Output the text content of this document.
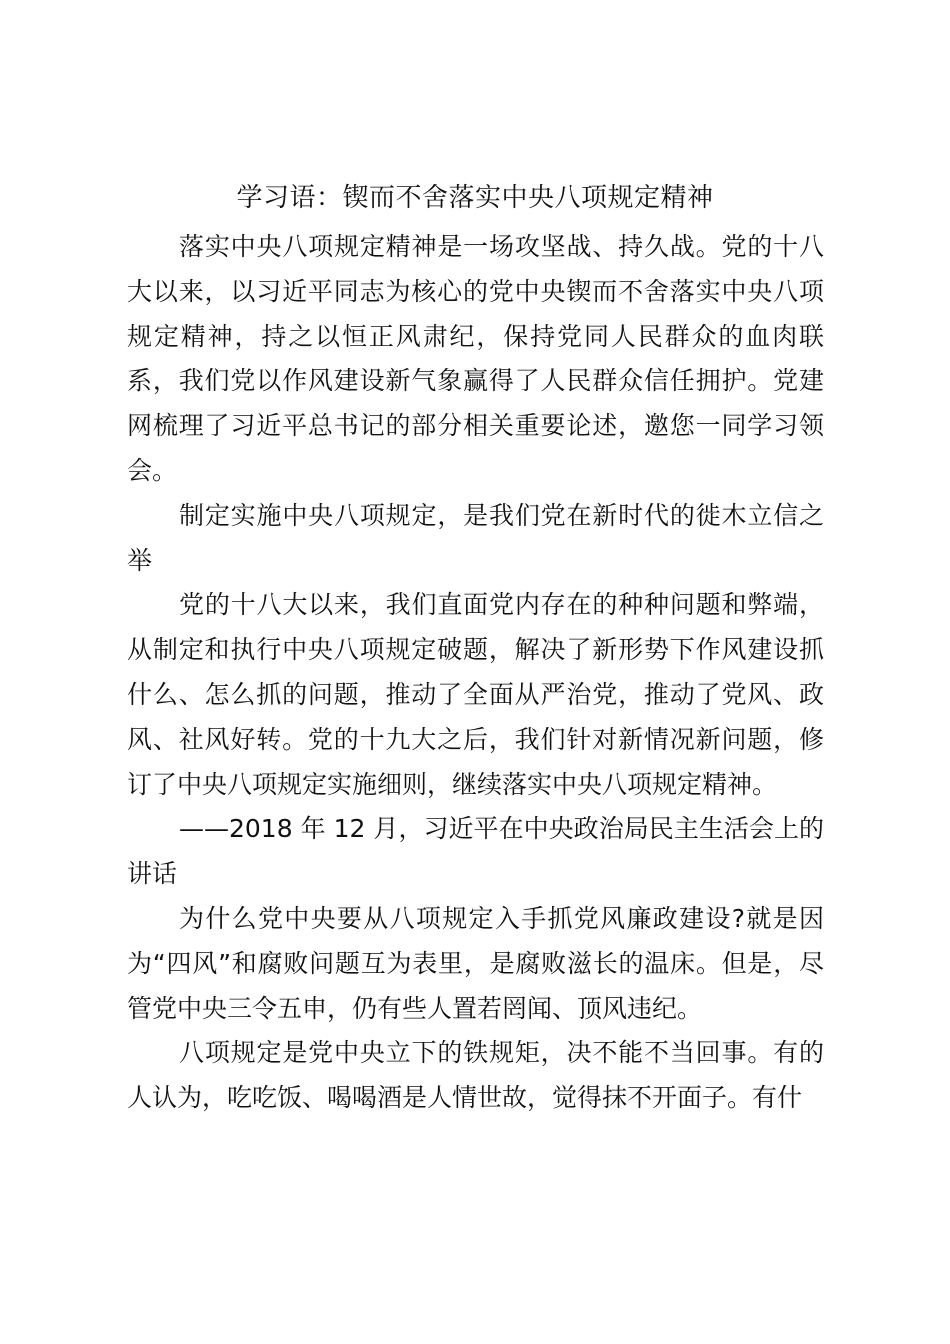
学习语：锲而不舍落实中央八项规定精神

落实中央八项规定精神是一场攻坚战、持久战。党的十八大以来，以习近平同志为核心的党中央锲而不舍落实中央八项规定精神，持之以恒正风肃纪，保持党同人民群众的血肉联系，我们党以作风建设新气象赢得了人民群众信任拥护。党建网梳理了习近平总书记的部分相关重要论述，邀您一同学习领会。

制定实施中央八项规定，是我们党在新时代的徙木立信之举

党的十八大以来，我们直面党内存在的种种问题和弊端，从制定和执行中央八项规定破题，解决了新形势下作风建设抓什么、怎么抓的问题，推动了全面从严治党，推动了党风、政风、社风好转。党的十九大之后，我们针对新情况新问题，修订了中央八项规定实施细则，继续落实中央八项规定精神。

——2018 年 12 月，习近平在中央政治局民主生活会上的讲话

为什么党中央要从八项规定入手抓党风廉政建设?就是因为“四风”和腐败问题互为表里，是腐败滋长的温床。但是，尽管党中央三令五申，仍有些人置若罔闻、顶风违纪。

八项规定是党中央立下的铁规矩，决不能不当回事。有的人认为，吃吃饭、喝喝酒是人情世故，觉得抹不开面子。有什
